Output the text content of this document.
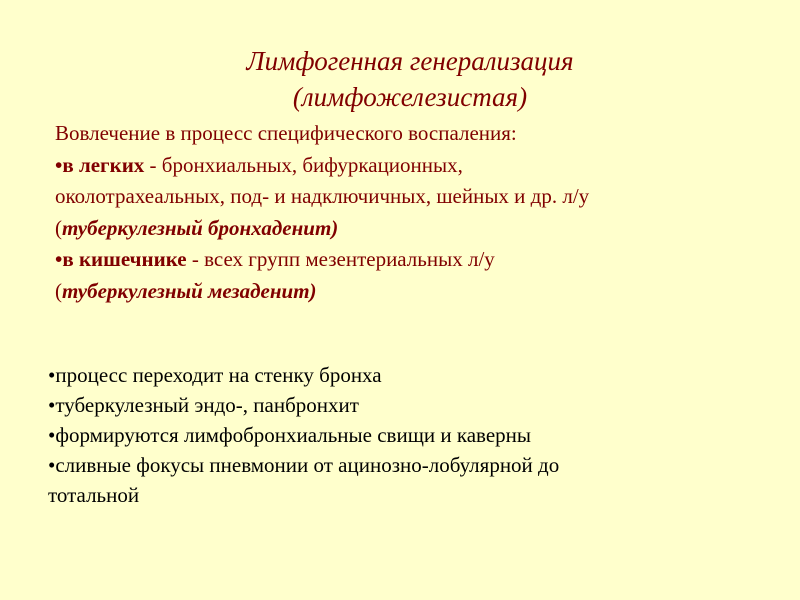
Лимфогенная генерализация
(лимфожелезистая)
Вовлечение в процесс специфического воспаления:
•в легких - бронхиальных, бифуркационных,
околотрахеальных, под- и надключичных, шейных и др. л/у
(туберкулезный бронхаденит)
•в кишечнике - всех групп мезентериальных л/у
(туберкулезный мезаденит)
•процесс переходит на стенку бронха
•туберкулезный эндо-, панбронхит
•формируются лимфобронхиальные свищи и каверны
•сливные фокусы пневмонии от ацинозно-лобулярной до
тотальной
